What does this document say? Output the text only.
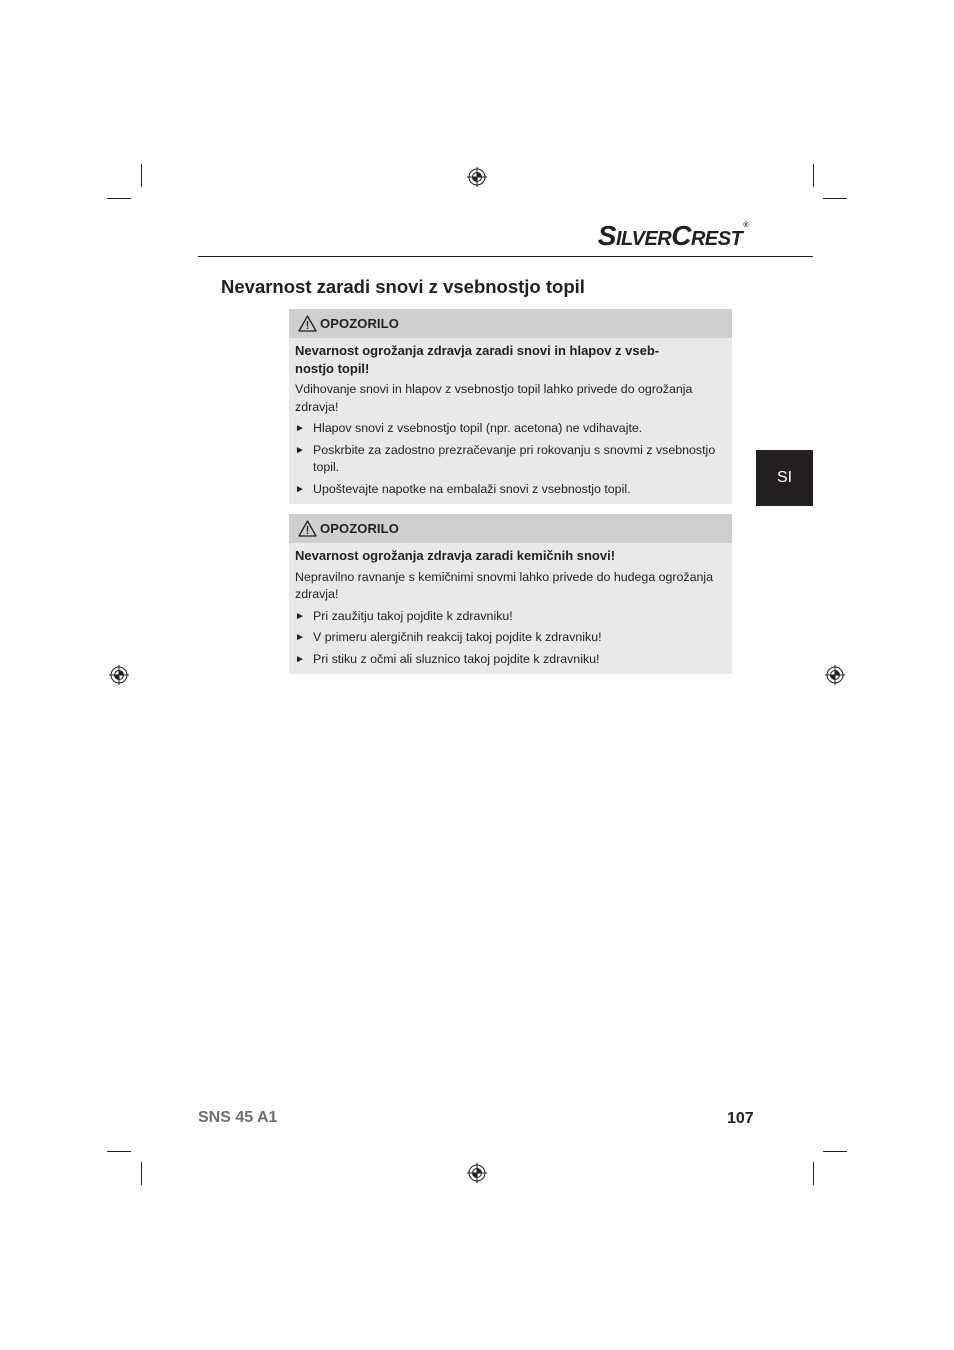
SILVERCREST®
Nevarnost zaradi snovi z vsebnostjo topil
OPOZORILO
Nevarnost ogrožanja zdravja zaradi snovi in hlapov z vseb-
nostjo topil!
Vdihovanje snovi in hlapov z vsebnostjo topil lahko privede do ogrožanja
zdravja!
► Hlapov snovi z vsebnostjo topil (npr. acetona) ne vdihavajte.
► Poskrbite za zadostno prezračevanje pri rokovanju s snovmi z vsebnostjo
topil.
► Upoštevajte napotke na embalaži snovi z vsebnostjo topil.
OPOZORILO
Nevarnost ogrožanja zdravja zaradi kemičnih snovi!
Nepravilno ravnanje s kemičnimi snovmi lahko privede do hudega ogrožanja
zdravja!
► Pri zaužitju takoj pojdite k zdravniku!
► V primeru alergičnih reakcij takoj pojdite k zdravniku!
► Pri stiku z očmi ali sluznico takoj pojdite k zdravniku!
SI
SNS 45 A1	107
